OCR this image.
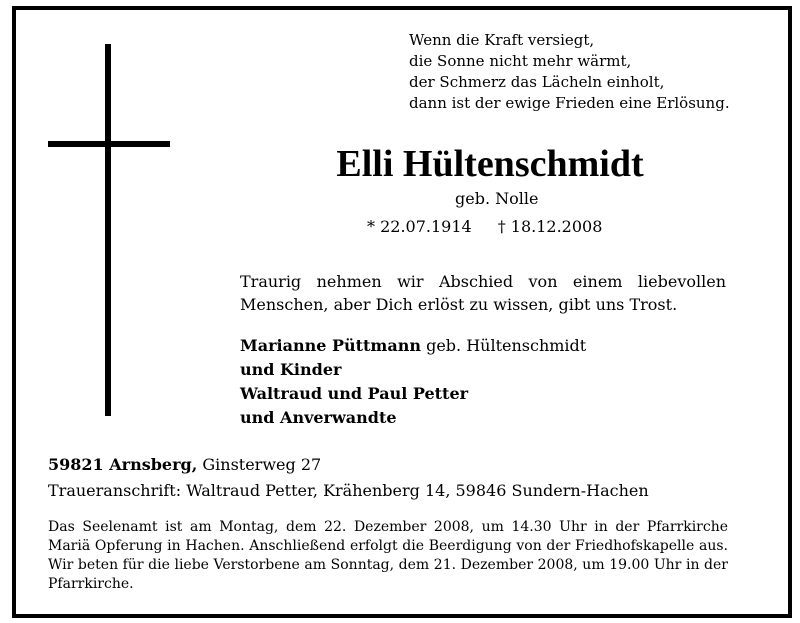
Wenn die Kraft versiegt,
die Sonne nicht mehr wärmt,
der Schmerz das Lächeln einholt,
dann ist der ewige Frieden eine Erlösung.
Elli Hültenschmidt
geb. Nolle
* 22.07.1914 † 18.12.2008
Traurig nehmen wir Abschied von einem liebevollen Menschen, aber Dich erlöst zu wissen, gibt uns Trost.
Marianne Püttmann geb. Hültenschmidt
und Kinder
Waltraud und Paul Petter
und Anverwandte
59821 Arnsberg, Ginsterweg 27
Traueranschrift: Waltraud Petter, Krähenberg 14, 59846 Sundern-Hachen
Das Seelenamt ist am Montag, dem 22. Dezember 2008, um 14.30 Uhr in der Pfarrkirche Mariä Opferung in Hachen. Anschließend erfolgt die Beerdigung von der Friedhofskapelle aus. Wir beten für die liebe Verstorbene am Sonntag, dem 21. Dezember 2008, um 19.00 Uhr in der Pfarrkirche.
